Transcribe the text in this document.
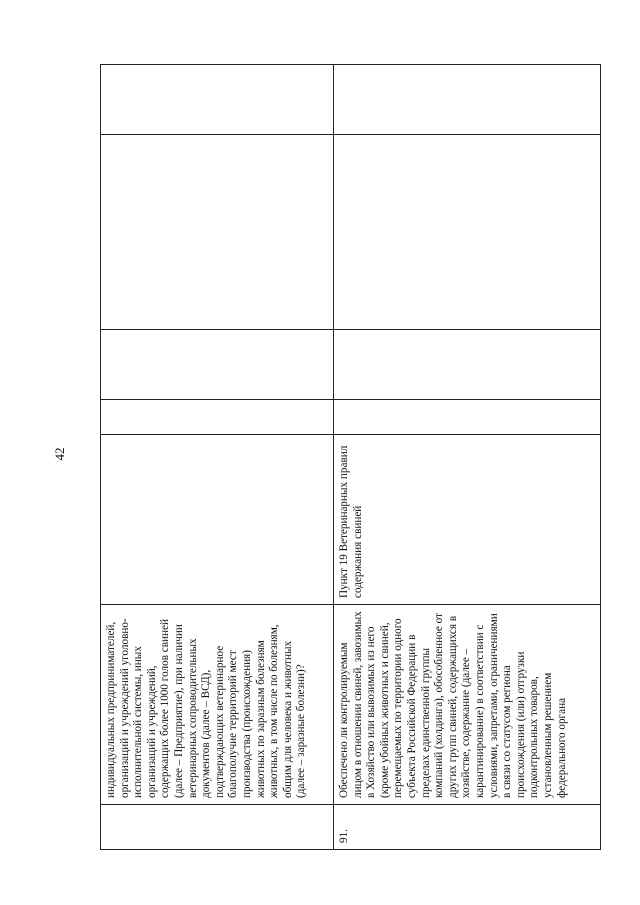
42
	индивидуальных предпринимателей, организаций и учреждений уголовно-исполнительной системы, иных организаций и учреждений, содержащих более 1000 голов свиней (далее – Предприятие), при наличии ветеринарных сопроводительных документов (далее – ВСД), подтверждающих ветеринарное благополучие территорий мест производства (происхождения) животных по заразным болезням животных, в том числе по болезням, общим для человека и животных (далее – заразные болезни)?					
91.	Обеспечено ли контролируемым лицом в отношении свиней, завозимых в Хозяйство или вывозимых из него (кроме убойных животных и свиней, перемещаемых по территории одного субъекта Российской Федерации в пределах единственной группы компаний (холдинга), обособленное от других групп свиней, содержащихся в хозяйстве, содержание (далее – карантинирование) в соответствии с условиями, запретами, ограничениями в связи со статусом региона происхождения (или) отгрузки подконтрольных товаров, установленным решением федерального органа	Пункт 19 Ветеринарных правил содержания свиней				
